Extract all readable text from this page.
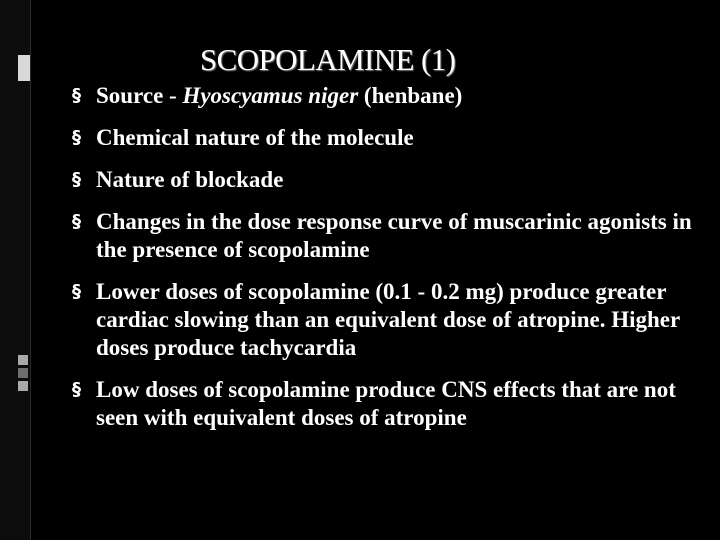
SCOPOLAMINE (1)
§ Source - Hyoscyamus niger (henbane)
§ Chemical nature of the molecule
§ Nature of blockade
§ Changes in the dose response curve of muscarinic agonists in the presence of scopolamine
§ Lower doses of scopolamine (0.1 - 0.2 mg) produce greater cardiac slowing than an equivalent dose of atropine. Higher doses produce tachycardia
§ Low doses of scopolamine produce CNS effects that are not seen with equivalent doses of atropine
